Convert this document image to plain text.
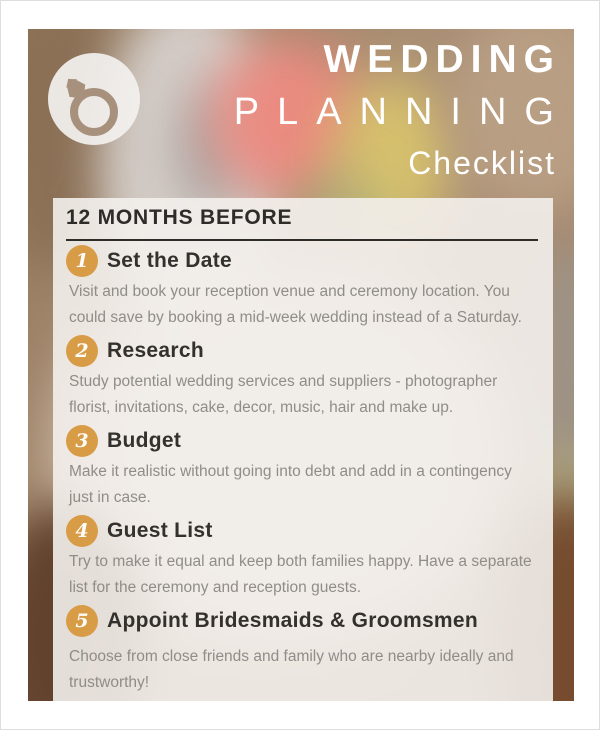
WEDDING
PLANNING
Checklist
12 MONTHS BEFORE
1 Set the Date
Visit and book your reception venue and ceremony location. You
could save by booking a mid-week wedding instead of a Saturday.
2 Research
Study potential wedding services and suppliers - photographer
florist, invitations, cake, decor, music, hair and make up.
3 Budget
Make it realistic without going into debt and add in a contingency
just in case.
4 Guest List
Try to make it equal and keep both families happy. Have a separate
list for the ceremony and reception guests.
5 Appoint Bridesmaids & Groomsmen
Choose from close friends and family who are nearby ideally and
trustworthy!
